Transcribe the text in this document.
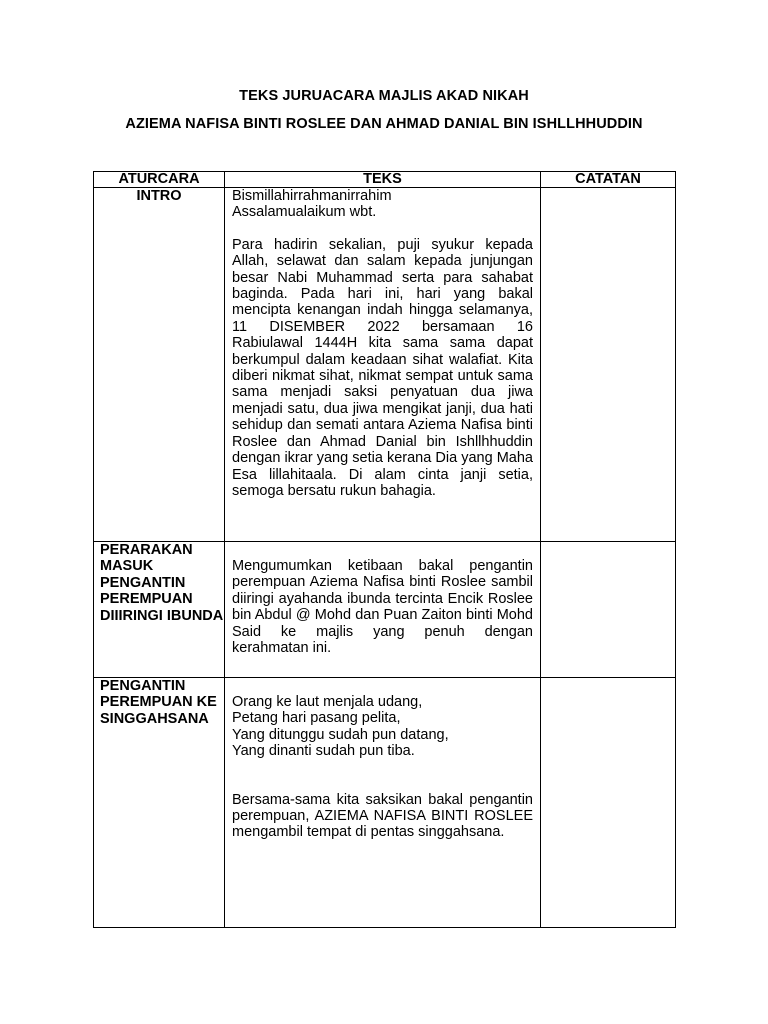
TEKS JURUACARA MAJLIS AKAD NIKAH
AZIEMA NAFISA BINTI ROSLEE DAN AHMAD DANIAL BIN ISHLLHHUDDIN
ATURCARA	TEKS	CATATAN
INTRO	Bismillahirrahmanirrahim
Assalamualaikum wbt.
Para hadirin sekalian, puji syukur kepada Allah, selawat dan salam kepada junjungan besar Nabi Muhammad serta para sahabat baginda. Pada hari ini, hari yang bakal mencipta kenangan indah hingga selamanya, 11 DISEMBER 2022 bersamaan 16 Rabiulawal 1444H kita sama sama dapat berkumpul dalam keadaan sihat walafiat. Kita diberi nikmat sihat, nikmat sempat untuk sama sama menjadi saksi penyatuan dua jiwa menjadi satu, dua jiwa mengikat janji, dua hati sehidup dan semati antara Aziema Nafisa binti Roslee dan Ahmad Danial bin Ishllhhuddin dengan ikrar yang setia kerana Dia yang Maha Esa lillahitaala. Di alam cinta janji setia, semoga bersatu rukun bahagia.	

PERARAKAN MASUK PENGANTIN PEREMPUAN DIIIRINGI IBUNDA	Mengumumkan ketibaan bakal pengantin perempuan Aziema Nafisa binti Roslee sambil diiringi ayahanda ibunda tercinta Encik Roslee bin Abdul @ Mohd dan Puan Zaiton binti Mohd Said ke majlis yang penuh dengan kerahmatan ini.	

PENGANTIN PEREMPUAN KE SINGGAHSANA	Orang ke laut menjala udang,
Petang hari pasang pelita,
Yang ditunggu sudah pun datang,
Yang dinanti sudah pun tiba.
Bersama-sama kita saksikan bakal pengantin perempuan, AZIEMA NAFISA BINTI ROSLEE mengambil tempat di pentas singgahsana.	
